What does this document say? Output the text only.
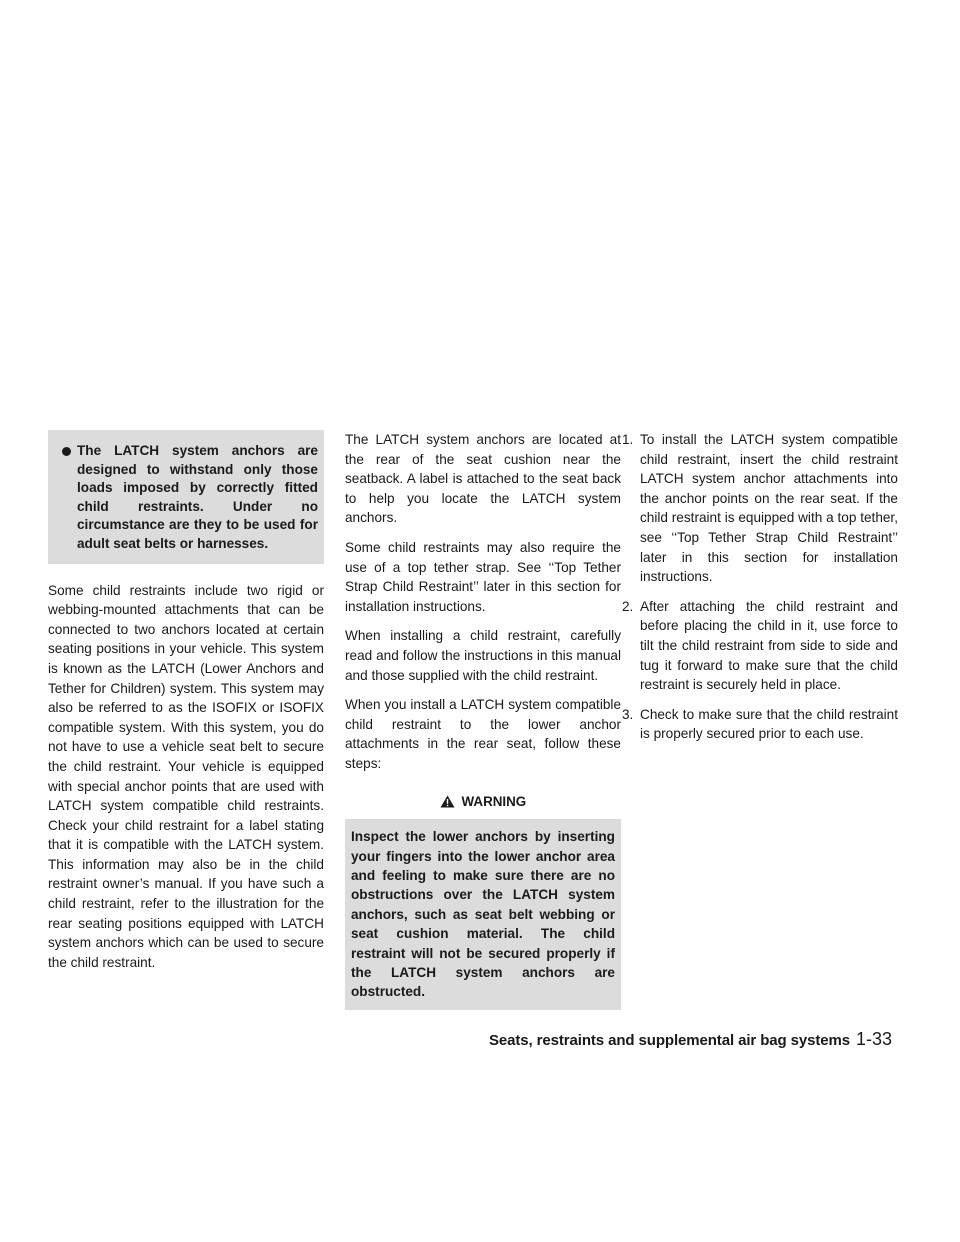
The LATCH system anchors are designed to withstand only those loads imposed by correctly fitted child restraints. Under no circumstance are they to be used for adult seat belts or harnesses.

Some child restraints include two rigid or webbing-mounted attachments that can be connected to two anchors located at certain seating positions in your vehicle. This system is known as the LATCH (Lower Anchors and Tether for Children) system. This system may also be referred to as the ISOFIX or ISOFIX compatible system. With this system, you do not have to use a vehicle seat belt to secure the child restraint. Your vehicle is equipped with special anchor points that are used with LATCH system compatible child restraints. Check your child restraint for a label stating that it is compatible with the LATCH system. This information may also be in the child restraint owner’s manual. If you have such a child restraint, refer to the illustration for the rear seating positions equipped with LATCH system anchors which can be used to secure the child restraint.

The LATCH system anchors are located at the rear of the seat cushion near the seatback. A label is attached to the seat back to help you locate the LATCH system anchors.

Some child restraints may also require the use of a top tether strap. See ‘‘Top Tether Strap Child Restraint’’ later in this section for installation instructions.

When installing a child restraint, carefully read and follow the instructions in this manual and those supplied with the child restraint.

When you install a LATCH system compatible child restraint to the lower anchor attachments in the rear seat, follow these steps:

WARNING
Inspect the lower anchors by inserting your fingers into the lower anchor area and feeling to make sure there are no obstructions over the LATCH system anchors, such as seat belt webbing or seat cushion material. The child restraint will not be secured properly if the LATCH system anchors are obstructed.
1. To install the LATCH system compatible child restraint, insert the child restraint LATCH system anchor attachments into the anchor points on the rear seat. If the child restraint is equipped with a top tether, see ‘‘Top Tether Strap Child Restraint’’ later in this section for installation instructions.
2. After attaching the child restraint and before placing the child in it, use force to tilt the child restraint from side to side and tug it forward to make sure that the child restraint is securely held in place.
3. Check to make sure that the child restraint is properly secured prior to each use.
Seats, restraints and supplemental air bag systems 1-33
